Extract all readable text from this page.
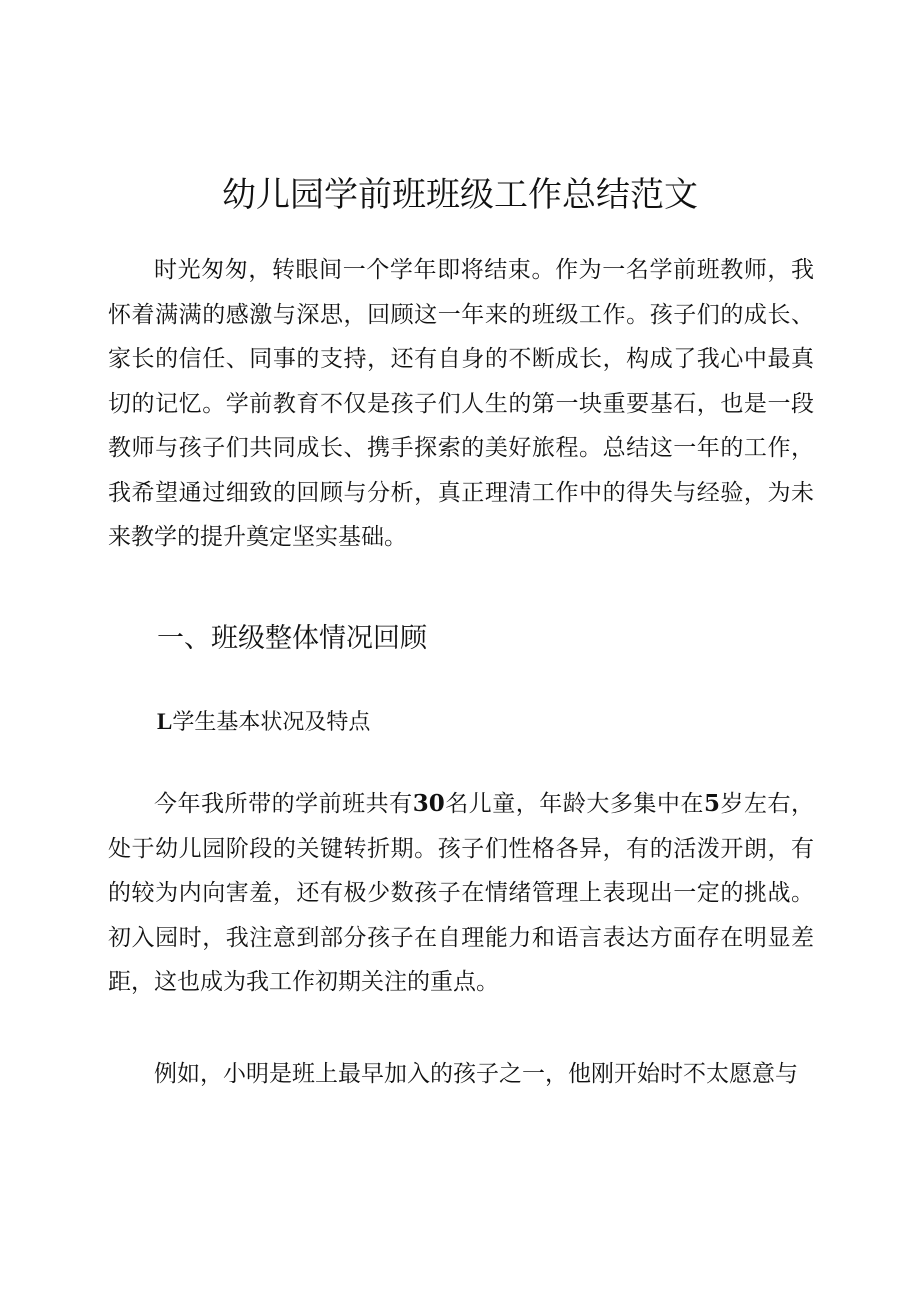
幼儿园学前班班级工作总结范文

时光匆匆，转眼间一个学年即将结束。作为一名学前班教师，我怀着满满的感激与深思，回顾这一年来的班级工作。孩子们的成长、家长的信任、同事的支持，还有自身的不断成长，构成了我心中最真切的记忆。学前教育不仅是孩子们人生的第一块重要基石，也是一段教师与孩子们共同成长、携手探索的美好旅程。总结这一年的工作，我希望通过细致的回顾与分析，真正理清工作中的得失与经验，为未来教学的提升奠定坚实基础。

一、班级整体情况回顾
L学生基本状况及特点

今年我所带的学前班共有30名儿童，年龄大多集中在5岁左右，处于幼儿园阶段的关键转折期。孩子们性格各异，有的活泼开朗，有的较为内向害羞，还有极少数孩子在情绪管理上表现出一定的挑战。初入园时，我注意到部分孩子在自理能力和语言表达方面存在明显差距，这也成为我工作初期关注的重点。

例如，小明是班上最早加入的孩子之一，他刚开始时不太愿意与
